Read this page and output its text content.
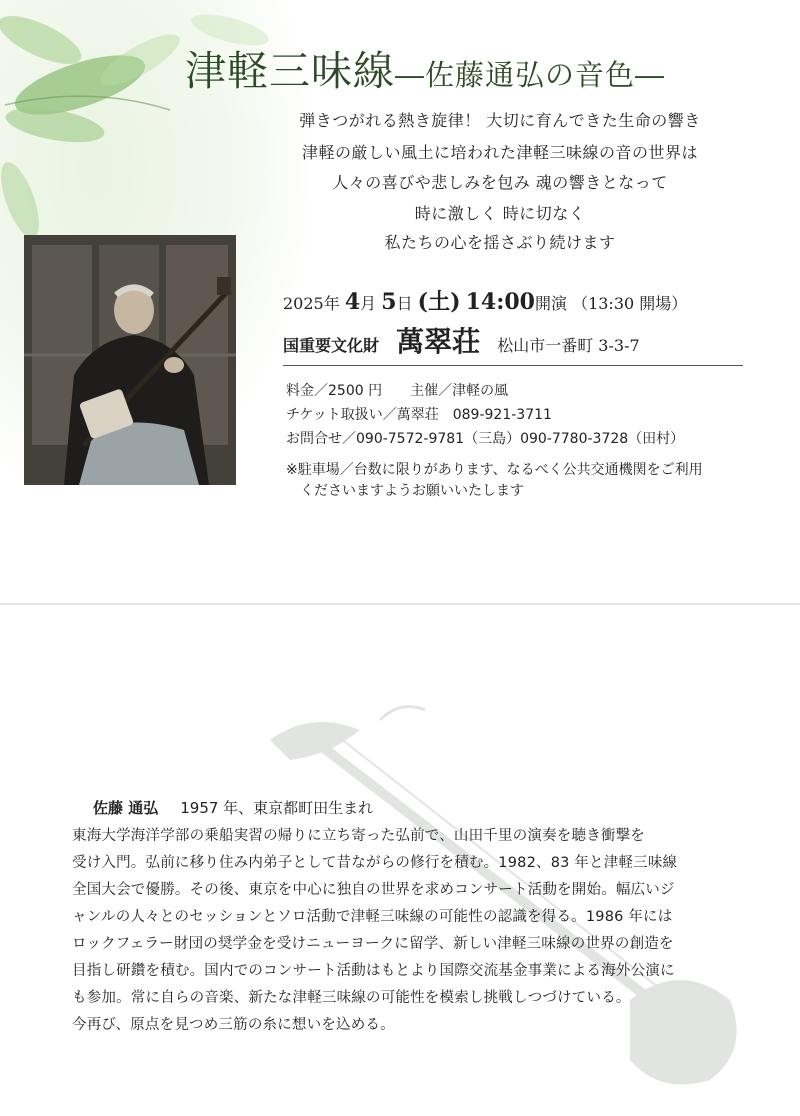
津軽三味線―佐藤通弘の音色―
弾きつがれる熱き旋律！ 大切に育んできた生命の響き
津軽の厳しい風土に培われた津軽三味線の音の世界は
人々の喜びや悲しみを包み 魂の響きとなって
時に激しく 時に切なく
私たちの心を揺さぶり続けます
2025年 4月 5日 (土) 14:00開演 （13:30 開場）
国重要文化財 萬翠荘 松山市一番町 3-3-7
料金／2500 円 主催／津軽の風
チケット取扱い／萬翠荘　089-921-3711
お問合せ／090-7572-9781（三島）090-7780-3728（田村）
※駐車場／台数に限りがあります、なるべく公共交通機関をご利用
くださいますようお願いいたします
佐藤 通弘 1957 年、東京都町田生まれ
東海大学海洋学部の乗船実習の帰りに立ち寄った弘前で、山田千里の演奏を聴き衝撃を
受け入門。弘前に移り住み内弟子として昔ながらの修行を積む。1982、83 年と津軽三味線
全国大会で優勝。その後、東京を中心に独自の世界を求めコンサート活動を開始。幅広いジ
ャンルの人々とのセッションとソロ活動で津軽三味線の可能性の認識を得る。1986 年には
ロックフェラー財団の奨学金を受けニューヨークに留学、新しい津軽三味線の世界の創造を
目指し研鑽を積む。国内でのコンサート活動はもとより国際交流基金事業による海外公演に
も参加。常に自らの音楽、新たな津軽三味線の可能性を模索し挑戦しつづけている。
今再び、原点を見つめ三筋の糸に想いを込める。
